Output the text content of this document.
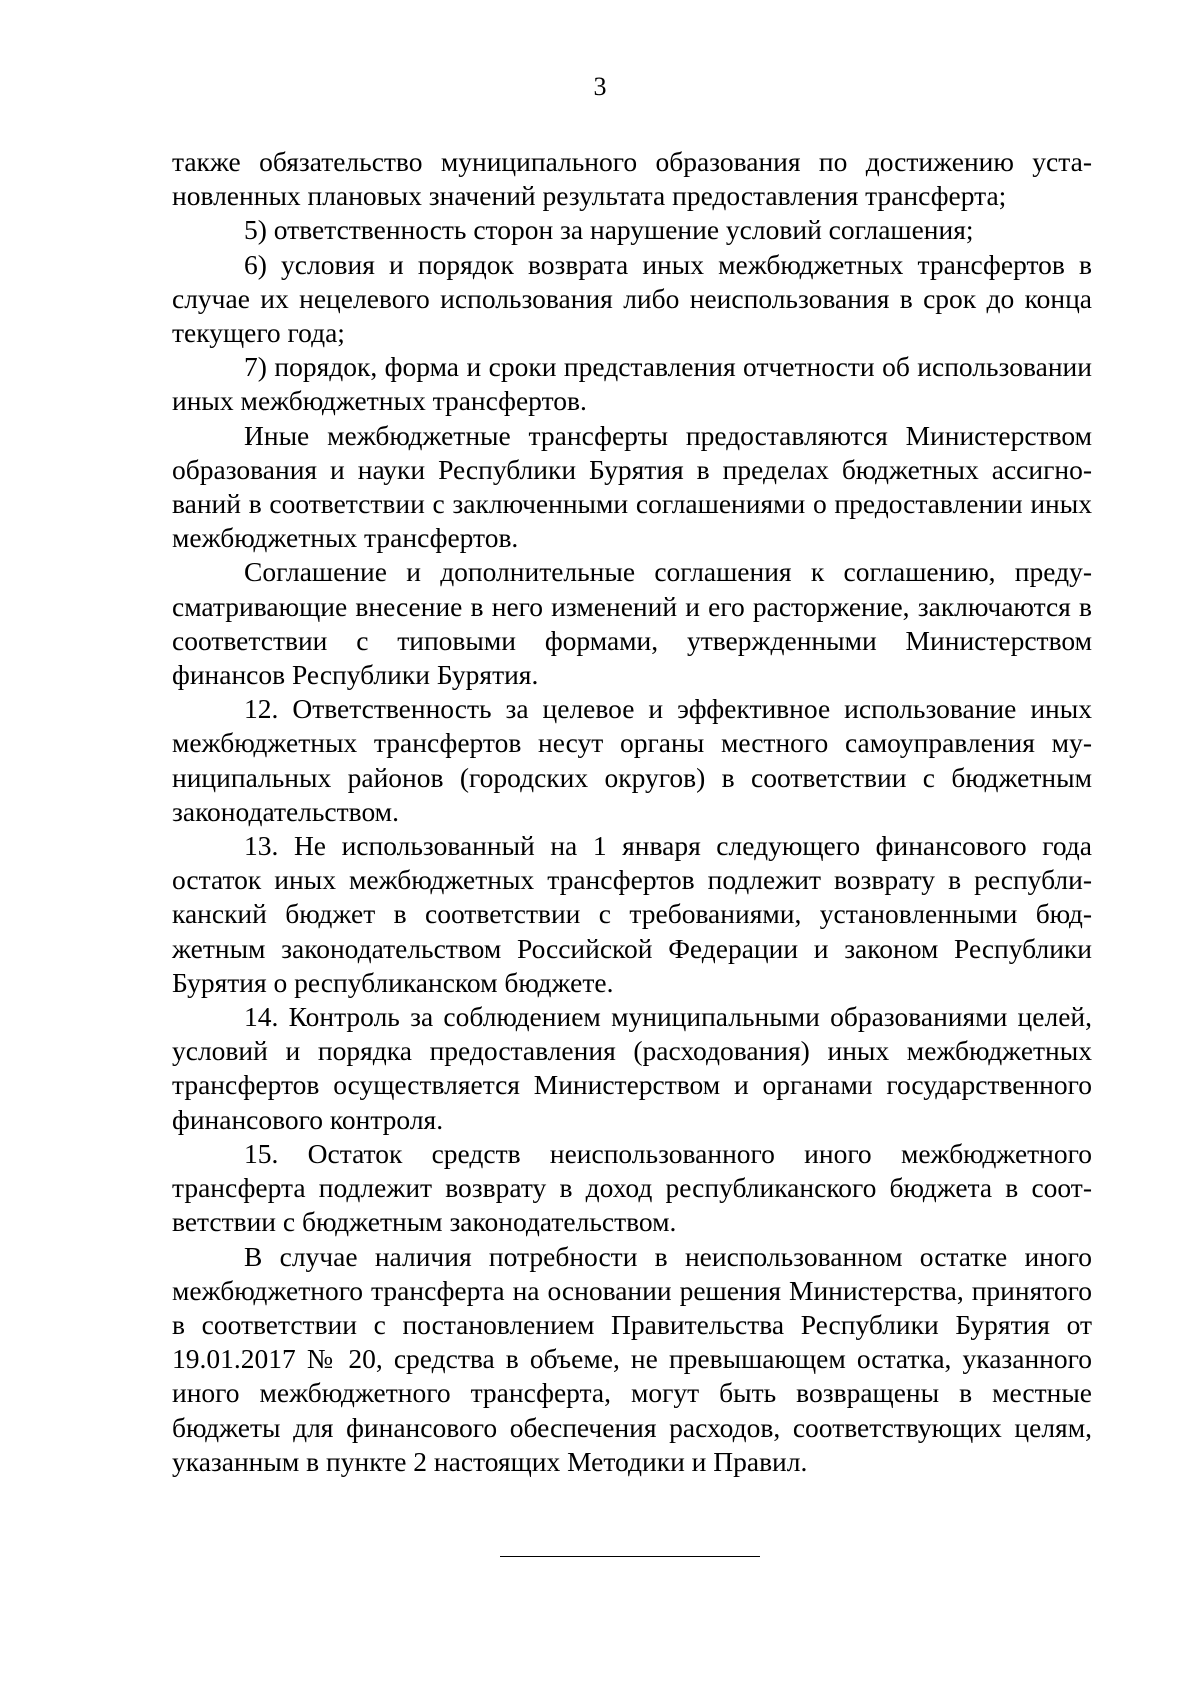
3

также обязательство муниципального образования по достижению установленных плановых значений результата предоставления трансферта;

5) ответственность сторон за нарушение условий соглашения;

6) условия и порядок возврата иных межбюджетных трансфертов в случае их нецелевого использования либо неиспользования в срок до конца текущего года;

7) порядок, форма и сроки представления отчетности об использовании иных межбюджетных трансфертов.

Иные межбюджетные трансферты предоставляются Министерством образования и науки Республики Бурятия в пределах бюджетных ассигнований в соответствии с заключенными соглашениями о предоставлении иных межбюджетных трансфертов.

Соглашение и дополнительные соглашения к соглашению, предусматривающие внесение в него изменений и его расторжение, заключаются в соответствии с типовыми формами, утвержденными Министерством финансов Республики Бурятия.

12. Ответственность за целевое и эффективное использование иных межбюджетных трансфертов несут органы местного самоуправления муниципальных районов (городских округов) в соответствии с бюджетным законодательством.

13. Не использованный на 1 января следующего финансового года остаток иных межбюджетных трансфертов подлежит возврату в республиканский бюджет в соответствии с требованиями, установленными бюджетным законодательством Российской Федерации и законом Республики Бурятия о республиканском бюджете.

14. Контроль за соблюдением муниципальными образованиями целей, условий и порядка предоставления (расходования) иных межбюджетных трансфертов осуществляется Министерством и органами государственного финансового контроля.

15. Остаток средств неиспользованного иного межбюджетного трансферта подлежит возврату в доход республиканского бюджета в соответствии с бюджетным законодательством.

В случае наличия потребности в неиспользованном остатке иного межбюджетного трансферта на основании решения Министерства, принятого в соответствии с постановлением Правительства Республики Бурятия от 19.01.2017 № 20, средства в объеме, не превышающем остатка, указанного иного межбюджетного трансферта, могут быть возвращены в местные бюджеты для финансового обеспечения расходов, соответствующих целям, указанным в пункте 2 настоящих Методики и Правил.
